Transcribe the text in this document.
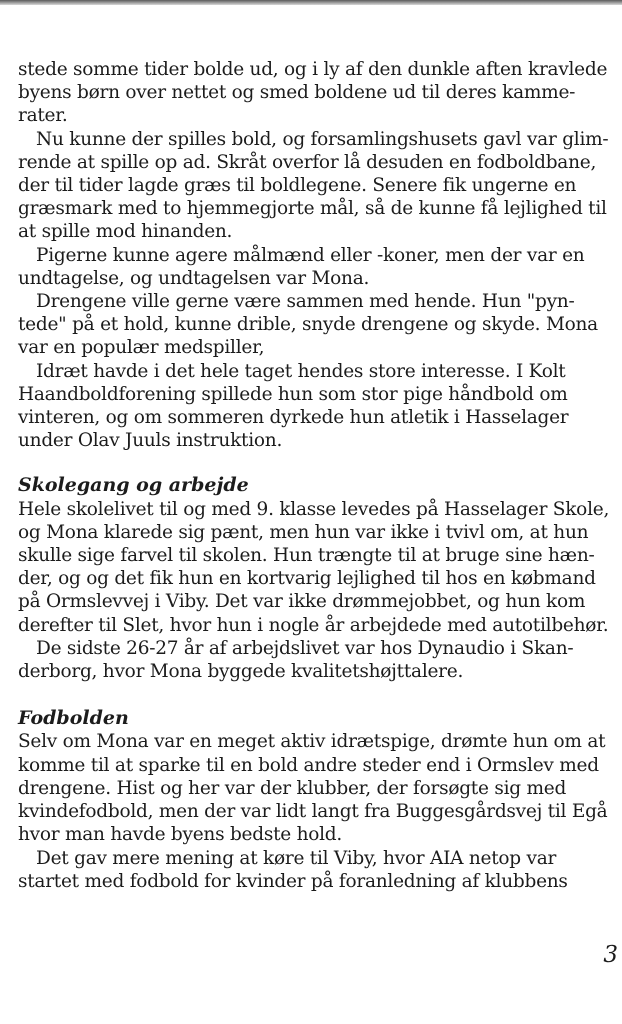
stede somme tider bolde ud, og i ly af den dunkle aften kravlede
byens børn over nettet og smed boldene ud til deres kamme-
rater.
Nu kunne der spilles bold, og forsamlingshusets gavl var glim-
rende at spille op ad. Skråt overfor lå desuden en fodboldbane,
der til tider lagde græs til boldlegene. Senere fik ungerne en
græsmark med to hjemmegjorte mål, så de kunne få lejlighed til
at spille mod hinanden.
Pigerne kunne agere målmænd eller -koner, men der var en
undtagelse, og undtagelsen var Mona.
Drengene ville gerne være sammen med hende. Hun "pyn-
tede" på et hold, kunne drible, snyde drengene og skyde. Mona
var en populær medspiller,
Idræt havde i det hele taget hendes store interesse. I Kolt
Haandboldforening spillede hun som stor pige håndbold om
vinteren, og om sommeren dyrkede hun atletik i Hasselager
under Olav Juuls instruktion.
Skolegang og arbejde
Hele skolelivet til og med 9. klasse levedes på Hasselager Skole,
og Mona klarede sig pænt, men hun var ikke i tvivl om, at hun
skulle sige farvel til skolen. Hun trængte til at bruge sine hæn-
der, og og det fik hun en kortvarig lejlighed til hos en købmand
på Ormslevvej i Viby. Det var ikke drømmejobbet, og hun kom
derefter til Slet, hvor hun i nogle år arbejdede med autotilbehør.
De sidste 26-27 år af arbejdslivet var hos Dynaudio i Skan-
derborg, hvor Mona byggede kvalitetshøjttalere.
Fodbolden
Selv om Mona var en meget aktiv idrætspige, drømte hun om at
komme til at sparke til en bold andre steder end i Ormslev med
drengene. Hist og her var der klubber, der forsøgte sig med
kvindefodbold, men der var lidt langt fra Buggesgårdsvej til Egå
hvor man havde byens bedste hold.
Det gav mere mening at køre til Viby, hvor AIA netop var
startet med fodbold for kvinder på foranledning af klubbens
3
